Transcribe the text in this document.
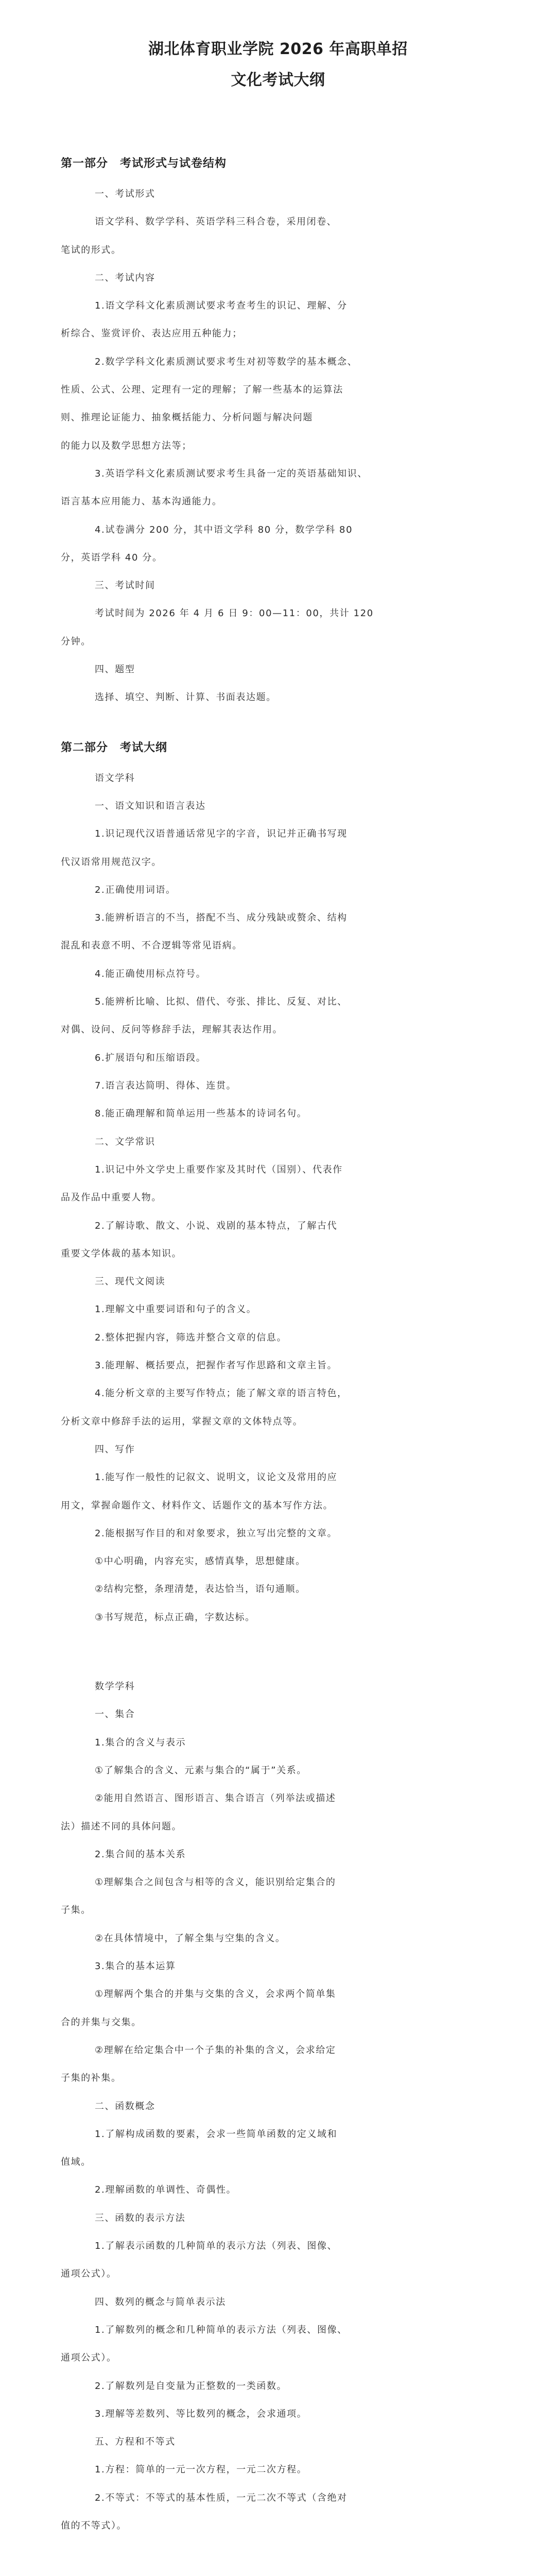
湖北体育职业学院 2026 年高职单招
文化考试大纲
第一部分　考试形式与试卷结构
一、考试形式
语文学科、数学学科、英语学科三科合卷，采用闭卷、
笔试的形式。
二、考试内容
1.语文学科文化素质测试要求考查考生的识记、理解、分
析综合、鉴赏评价、表达应用五种能力；
2.数学学科文化素质测试要求考生对初等数学的基本概念、
性质、公式、公理、定理有一定的理解；了解一些基本的运算法
则、推理论证能力、抽象概括能力、分析问题与解决问题
的能力以及数学思想方法等；
3.英语学科文化素质测试要求考生具备一定的英语基础知识、
语言基本应用能力、基本沟通能力。
4.试卷满分 200 分，其中语文学科 80 分，数学学科 80
分，英语学科 40 分。
三、考试时间
考试时间为 2026 年 4 月 6 日 9：00—11：00，共计 120
分钟。
四、题型
选择、填空、判断、计算、书面表达题。
第二部分　考试大纲
语文学科
一、语文知识和语言表达
1.识记现代汉语普通话常见字的字音，识记并正确书写现
代汉语常用规范汉字。
2.正确使用词语。
3.能辨析语言的不当，搭配不当、成分残缺或赘余、结构
混乱和表意不明、不合逻辑等常见语病。
4.能正确使用标点符号。
5.能辨析比喻、比拟、借代、夸张、排比、反复、对比、
对偶、设问、反问等修辞手法，理解其表达作用。
6.扩展语句和压缩语段。
7.语言表达简明、得体、连贯。
8.能正确理解和简单运用一些基本的诗词名句。
二、文学常识
1.识记中外文学史上重要作家及其时代（国别）、代表作
品及作品中重要人物。
2.了解诗歌、散文、小说、戏剧的基本特点，了解古代
重要文学体裁的基本知识。
三、现代文阅读
1.理解文中重要词语和句子的含义。
2.整体把握内容，筛选并整合文章的信息。
3.能理解、概括要点，把握作者写作思路和文章主旨。
4.能分析文章的主要写作特点；能了解文章的语言特色，
分析文章中修辞手法的运用，掌握文章的文体特点等。
四、写作
1.能写作一般性的记叙文、说明文，议论文及常用的应
用文，掌握命题作文、材料作文、话题作文的基本写作方法。
2.能根据写作目的和对象要求，独立写出完整的文章。
①中心明确，内容充实，感情真挚，思想健康。
②结构完整，条理清楚，表达恰当，语句通顺。
③书写规范，标点正确，字数达标。
数学学科
一、集合
1.集合的含义与表示
①了解集合的含义、元素与集合的“属于”关系。
②能用自然语言、图形语言、集合语言（列举法或描述
法）描述不同的具体问题。
2.集合间的基本关系
①理解集合之间包含与相等的含义，能识别给定集合的
子集。
②在具体情境中，了解全集与空集的含义。
3.集合的基本运算
①理解两个集合的并集与交集的含义，会求两个简单集
合的并集与交集。
②理解在给定集合中一个子集的补集的含义，会求给定
子集的补集。
二、函数概念
1.了解构成函数的要素，会求一些简单函数的定义域和
值域。
2.理解函数的单调性、奇偶性。
三、函数的表示方法
1.了解表示函数的几种简单的表示方法（列表、图像、
通项公式）。
四、数列的概念与简单表示法
1.了解数列的概念和几种简单的表示方法（列表、图像、
通项公式）。
2.了解数列是自变量为正整数的一类函数。
3.理解等差数列、等比数列的概念，会求通项。
五、方程和不等式
1.方程：简单的一元一次方程，一元二次方程。
2.不等式：不等式的基本性质，一元二次不等式（含绝对
值的不等式）。
